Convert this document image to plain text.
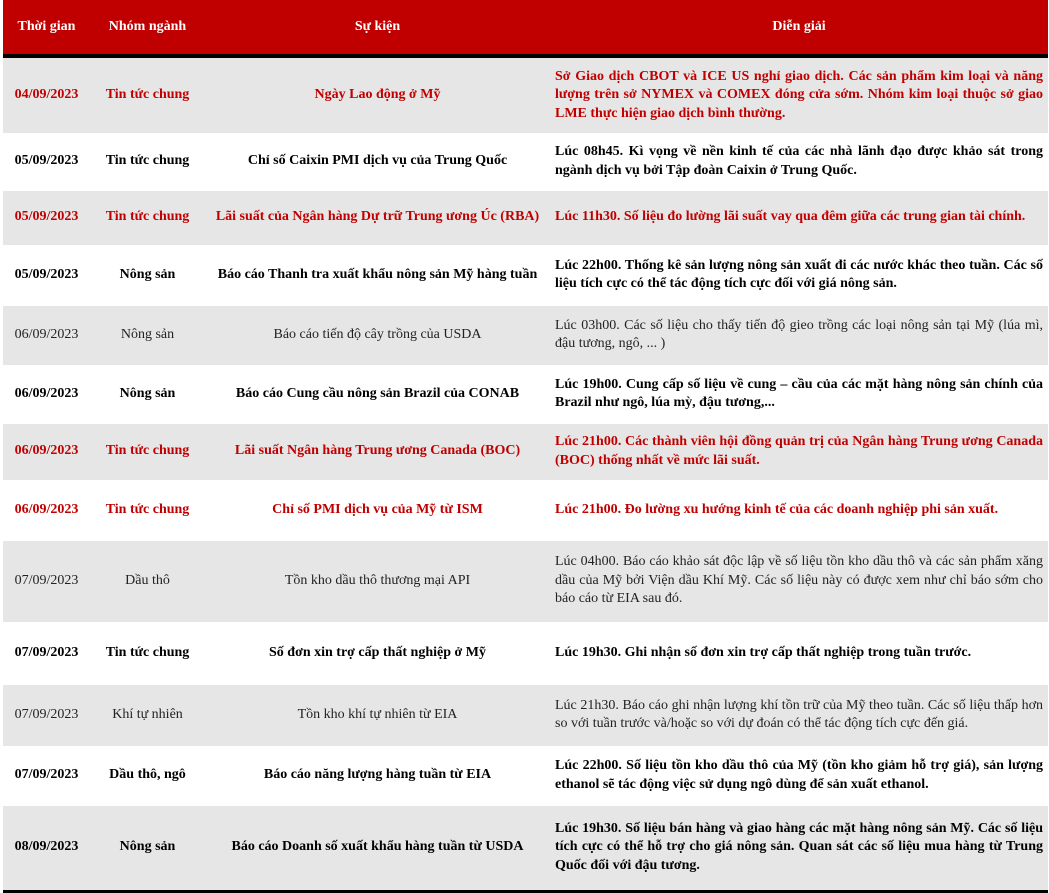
Thời gian	Nhóm ngành	Sự kiện	Diễn giải
04/09/2023	Tin tức chung	Ngày Lao động ở Mỹ	Sở Giao dịch CBOT và ICE US nghỉ giao dịch. Các sản phẩm kim loại và năng lượng trên sở NYMEX và COMEX đóng cửa sớm. Nhóm kim loại thuộc sở giao LME thực hiện giao dịch bình thường.
05/09/2023	Tin tức chung	Chỉ số Caixin PMI dịch vụ của Trung Quốc	Lúc 08h45. Kì vọng về nền kinh tế của các nhà lãnh đạo được khảo sát trong ngành dịch vụ bởi Tập đoàn Caixin ở Trung Quốc.
05/09/2023	Tin tức chung	Lãi suất của Ngân hàng Dự trữ Trung ương Úc (RBA)	Lúc 11h30. Số liệu đo lường lãi suất vay qua đêm giữa các trung gian tài chính.
05/09/2023	Nông sản	Báo cáo Thanh tra xuất khẩu nông sản Mỹ hàng tuần	Lúc 22h00. Thống kê sản lượng nông sản xuất đi các nước khác theo tuần. Các số liệu tích cực có thể tác động tích cực đối với giá nông sản.
06/09/2023	Nông sản	Báo cáo tiến độ cây trồng của USDA	Lúc 03h00. Các số liệu cho thấy tiến độ gieo trồng các loại nông sản tại Mỹ (lúa mì, đậu tương, ngô, ... )
06/09/2023	Nông sản	Báo cáo Cung cầu nông sản Brazil của CONAB	Lúc 19h00. Cung cấp số liệu về cung – cầu của các mặt hàng nông sản chính của Brazil như ngô, lúa mỳ, đậu tương,...
06/09/2023	Tin tức chung	Lãi suất Ngân hàng Trung ương Canada (BOC)	Lúc 21h00. Các thành viên hội đồng quản trị của Ngân hàng Trung ương Canada (BOC) thống nhất về mức lãi suất.
06/09/2023	Tin tức chung	Chỉ số PMI dịch vụ của Mỹ từ ISM	Lúc 21h00. Đo lường xu hướng kinh tế của các doanh nghiệp phi sản xuất.
07/09/2023	Dầu thô	Tồn kho dầu thô thương mại API	Lúc 04h00. Báo cáo khảo sát độc lập về số liệu tồn kho dầu thô và các sản phẩm xăng dầu của Mỹ bởi Viện dầu Khí Mỹ. Các số liệu này có được xem như chỉ báo sớm cho báo cáo từ EIA sau đó.
07/09/2023	Tin tức chung	Số đơn xin trợ cấp thất nghiệp ở Mỹ	Lúc 19h30. Ghi nhận số đơn xin trợ cấp thất nghiệp trong tuần trước.
07/09/2023	Khí tự nhiên	Tồn kho khí tự nhiên từ EIA	Lúc 21h30. Báo cáo ghi nhận lượng khí tồn trữ của Mỹ theo tuần. Các số liệu thấp hơn so với tuần trước và/hoặc so với dự đoán có thể tác động tích cực đến giá.
07/09/2023	Dầu thô, ngô	Báo cáo năng lượng hàng tuần từ EIA	Lúc 22h00. Số liệu tồn kho dầu thô của Mỹ (tồn kho giảm hỗ trợ giá), sản lượng ethanol sẽ tác động việc sử dụng ngô dùng để sản xuất ethanol.
08/09/2023	Nông sản	Báo cáo Doanh số xuất khẩu hàng tuần từ USDA	Lúc 19h30. Số liệu bán hàng và giao hàng các mặt hàng nông sản Mỹ. Các số liệu tích cực có thể hỗ trợ cho giá nông sản. Quan sát các số liệu mua hàng từ Trung Quốc đối với đậu tương.
